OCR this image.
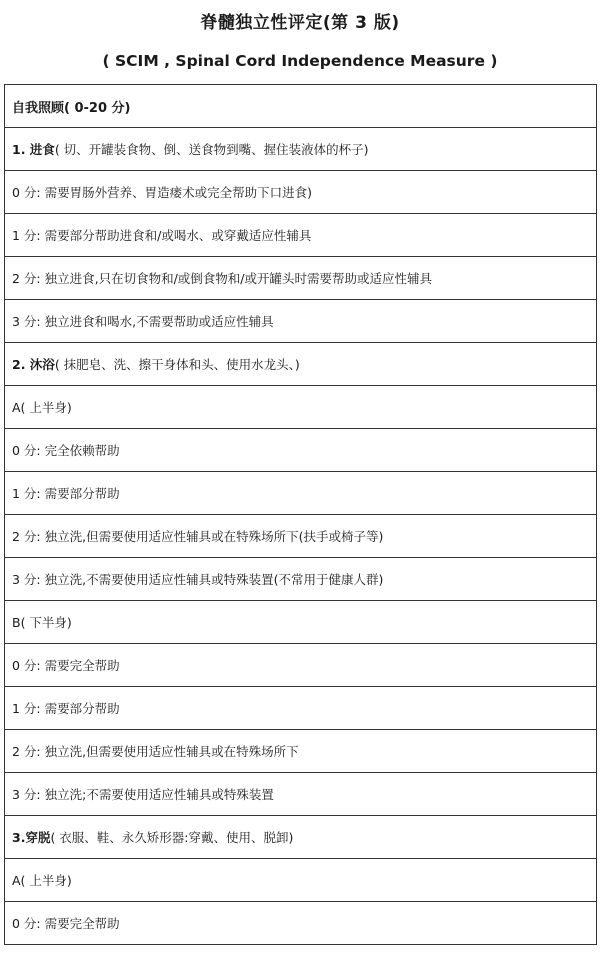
脊髓独立性评定(第 3 版)
( SCIM , Spinal Cord Independence Measure )
自我照顾( 0-20 分)
1. 进食 ( 切、开罐装食物、倒、送食物到嘴、握住装液体的杯子)
0 分: 需要胃肠外营养、胃造瘘术或完全帮助下口进食)
1 分: 需要部分帮助进食和/或喝水、或穿戴适应性辅具
2 分: 独立进食,只在切食物和/或倒食物和/或开罐头时需要帮助或适应性辅具
3 分: 独立进食和喝水,不需要帮助或适应性辅具
2. 沐浴 ( 抹肥皂、洗、擦干身体和头、使用水龙头、)
A( 上半身)
0 分: 完全依赖帮助
1 分: 需要部分帮助
2 分: 独立洗,但需要使用适应性辅具或在特殊场所下(扶手或椅子等)
3 分: 独立洗,不需要使用适应性辅具或特殊装置(不常用于健康人群)
B( 下半身)
0 分: 需要完全帮助
1 分: 需要部分帮助
2 分: 独立洗,但需要使用适应性辅具或在特殊场所下
3 分: 独立洗;不需要使用适应性辅具或特殊装置
3.穿脱 ( 衣服、鞋、永久矫形器:穿戴、使用、脱卸)
A( 上半身)
0 分: 需要完全帮助
